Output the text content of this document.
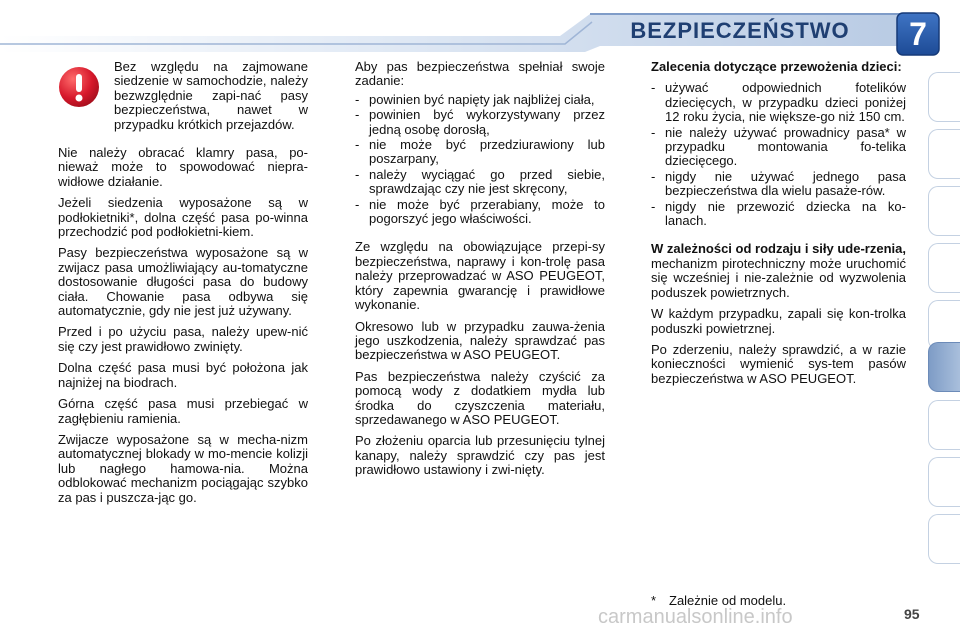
BEZPIECZEŃSTWO	7
Bez względu na zajmowane siedzenie w samochodzie, należy bezwzględnie zapi-nać pasy bezpieczeństwa, nawet w przypadku krótkich przejazdów.

Nie należy obracać klamry pasa, po-nieważ może to spowodować niepra-widłowe działanie.

Jeżeli siedzenia wyposażone są w podłokietniki*, dolna część pasa po-winna przechodzić pod podłokietni-kiem.

Pasy bezpieczeństwa wyposażone są w zwijacz pasa umożliwiający au-tomatyczne dostosowanie długości pasa do budowy ciała. Chowanie pasa odbywa się automatycznie, gdy nie jest już używany.

Przed i po użyciu pasa, należy upew-nić się czy jest prawidłowo zwinięty.

Dolna część pasa musi być położona jak najniżej na biodrach.

Górna część pasa musi przebiegać w zagłębieniu ramienia.

Zwijacze wyposażone są w mecha-nizm automatycznej blokady w mo-mencie kolizji lub nagłego hamowa-nia. Można odblokować mechanizm pociągając szybko za pas i puszcza-jąc go.

Aby pas bezpieczeństwa spełniał swoje zadanie:

- powinien być napięty jak najbliżej ciała,
- powinien być wykorzystywany przez jedną osobę dorosłą,
- nie może być przedziurawiony lub poszarpany,
- należy wyciągać go przed siebie, sprawdzając czy nie jest skręcony,
- nie może być przerabiany, może to pogorszyć jego właściwości.

Ze względu na obowiązujące przepi-sy bezpieczeństwa, naprawy i kon-trolę pasa należy przeprowadzać w ASO PEUGEOT, który zapewnia gwarancję i prawidłowe wykonanie.

Okresowo lub w przypadku zauwa-żenia jego uszkodzenia, należy sprawdzać pas bezpieczeństwa w ASO PEUGEOT.

Pas bezpieczeństwa należy czyścić za pomocą wody z dodatkiem mydła lub środka do czyszczenia materiału, sprzedawanego w ASO PEUGEOT.

Po złożeniu oparcia lub przesunięciu tylnej kanapy, należy sprawdzić czy pas jest prawidłowo ustawiony i zwi-nięty.

Zalecenia dotyczące przewożenia dzieci:

- używać odpowiednich fotelików dziecięcych, w przypadku dzieci poniżej 12 roku życia, nie większe-go niż 150 cm.
- nie należy używać prowadnicy pasa* w przypadku montowania fo-telika dziecięcego.
- nigdy nie używać jednego pasa bezpieczeństwa dla wielu pasaże-rów.
- nigdy nie przewozić dziecka na ko-lanach.

W zależności od rodzaju i siły ude-rzenia, mechanizm pirotechniczny może uruchomić się wcześniej i nie-zależnie od wyzwolenia poduszek powietrznych.

W każdym przypadku, zapali się kon-trolka poduszki powietrznej.

Po zderzeniu, należy sprawdzić, a w razie konieczności wymienić sys-tem pasów bezpieczeństwa w ASO PEUGEOT.

* Zależnie od modelu.
carmanualsonline.info	95
